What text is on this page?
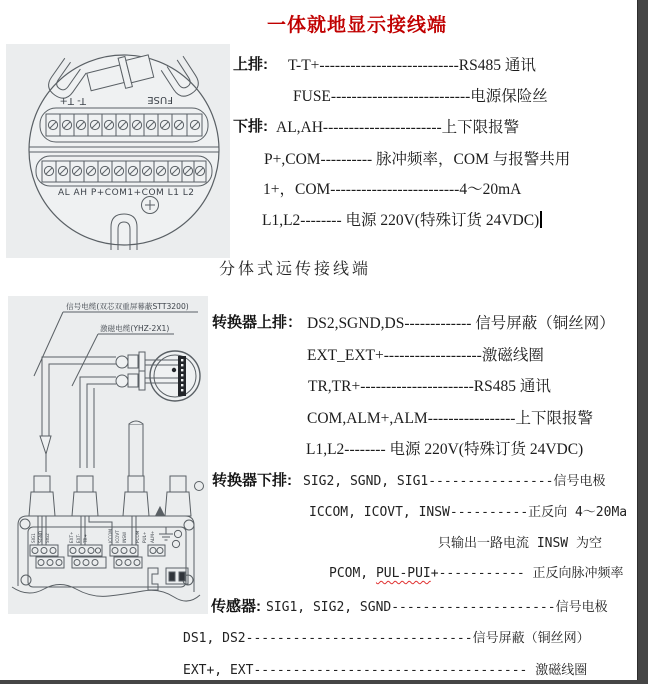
一体就地显示接线端
T- T+	FUSE
AL AH P+COM1+COM L1 L2
上排: T-T+---------------------------RS485 通讯
FUSE---------------------------电源保险丝
下排: AL,AH-----------------------上下限报警
P+,COM---------- 脉冲频率，COM 与报警共用
1+，COM-------------------------4～20mA
L1,L2-------- 电源 220V(特殊订货 24VDC)
分体式远传接线端
信号电缆(双芯双重屏幕蔽STT3200)
激磁电缆(YHZ-2X1)
SIG1 SGND SIG2	EXT+ EXT- TR+	ICCOM ICOVT INSW PCOM PUL+ ALM+
转换器上排： DS2,SGND,DS------------- 信号屏蔽（铜丝网）
EXT_EXT+-------------------激磁线圈
TR,TR+----------------------RS485 通讯
COM,ALM+,ALM-----------------上下限报警
L1,L2-------- 电源 220V(特殊订货 24VDC)
转换器下排: SIG2, SGND, SIG1----------------信号电极
ICCOM, ICOVT, INSW----------正反向 4～20Ma
只输出一路电流 INSW 为空
PCOM, PUL-PUI+----------- 正反向脉冲频率
传感器: SIG1, SIG2, SGND---------------------信号电极
DS1, DS2-----------------------------信号屏蔽（铜丝网）
EXT+, EXT----------------------------------- 激磁线圈
